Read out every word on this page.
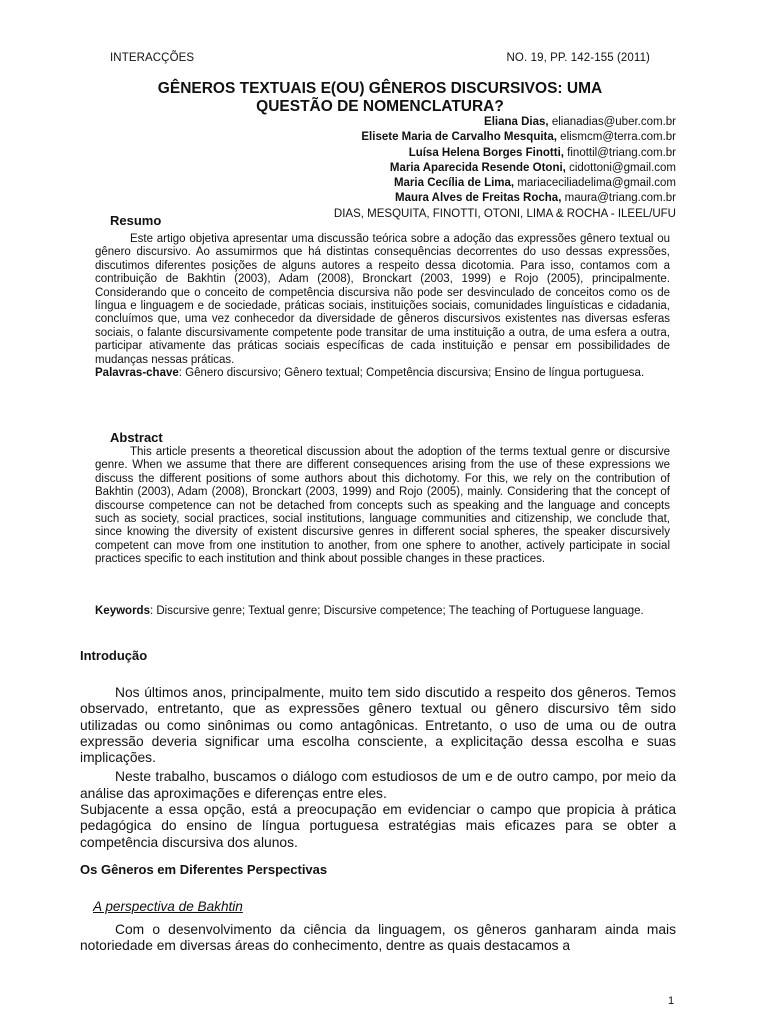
INTERACÇÕES	NO. 19, PP. 142-155 (2011)
GÊNEROS TEXTUAIS E(OU) GÊNEROS DISCURSIVOS: UMA
QUESTÃO DE NOMENCLATURA?
Eliana Dias, elianadias@uber.com.br
Elisete Maria de Carvalho Mesquita, elismcm@terra.com.br
Luísa Helena Borges Finotti, finottil@triang.com.br
Maria Aparecida Resende Otoni, cidottoni@gmail.com
Maria Cecília de Lima, mariaceciliadelima@gmail.com
Maura Alves de Freitas Rocha, maura@triang.com.br
DIAS, MESQUITA, FINOTTI, OTONI, LIMA & ROCHA - ILEEL/UFU
Resumo
Este artigo objetiva apresentar uma discussão teórica sobre a adoção das expressões gênero textual ou gênero discursivo. Ao assumirmos que há distintas consequências decorrentes do uso dessas expressões, discutimos diferentes posições de alguns autores a respeito dessa dicotomia. Para isso, contamos com a contribuição de Bakhtin (2003), Adam (2008), Bronckart (2003, 1999) e Rojo (2005), principalmente. Considerando que o conceito de competência discursiva não pode ser desvinculado de conceitos como os de língua e linguagem e de sociedade, práticas sociais, instituições sociais, comunidades linguísticas e cidadania, concluímos que, uma vez conhecedor da diversidade de gêneros discursivos existentes nas diversas esferas sociais, o falante discursivamente competente pode transitar de uma instituição a outra, de uma esfera a outra, participar ativamente das práticas sociais específicas de cada instituição e pensar em possibilidades de mudanças nessas práticas.
Palavras-chave: Gênero discursivo; Gênero textual; Competência discursiva; Ensino de língua portuguesa.
Abstract
This article presents a theoretical discussion about the adoption of the terms textual genre or discursive genre. When we assume that there are different consequences arising from the use of these expressions we discuss the different positions of some authors about this dichotomy. For this, we rely on the contribution of Bakhtin (2003), Adam (2008), Bronckart (2003, 1999) and Rojo (2005), mainly. Considering that the concept of discourse competence can not be detached from concepts such as speaking and the language and concepts such as society, social practices, social institutions, language communities and citizenship, we conclude that, since knowing the diversity of existent discursive genres in different social spheres, the speaker discursively competent can move from one institution to another, from one sphere to another, actively participate in social practices specific to each institution and think about possible changes in these practices.
Keywords: Discursive genre; Textual genre; Discursive competence; The teaching of Portuguese language.
Introdução

Nos últimos anos, principalmente, muito tem sido discutido a respeito dos gêneros. Temos observado, entretanto, que as expressões gênero textual ou gênero discursivo têm sido utilizadas ou como sinônimas ou como antagônicas. Entretanto, o uso de uma ou de outra expressão deveria significar uma escolha consciente, a explicitação dessa escolha e suas implicações.

Neste trabalho, buscamos o diálogo com estudiosos de um e de outro campo, por meio da análise das aproximações e diferenças entre eles.

Subjacente a essa opção, está a preocupação em evidenciar o campo que propicia à prática pedagógica do ensino de língua portuguesa estratégias mais eficazes para se obter a competência discursiva dos alunos.

Os Gêneros em Diferentes Perspectivas
A perspectiva de Bakhtin

Com o desenvolvimento da ciência da linguagem, os gêneros ganharam ainda mais notoriedade em diversas áreas do conhecimento, dentre as quais destacamos a

1
